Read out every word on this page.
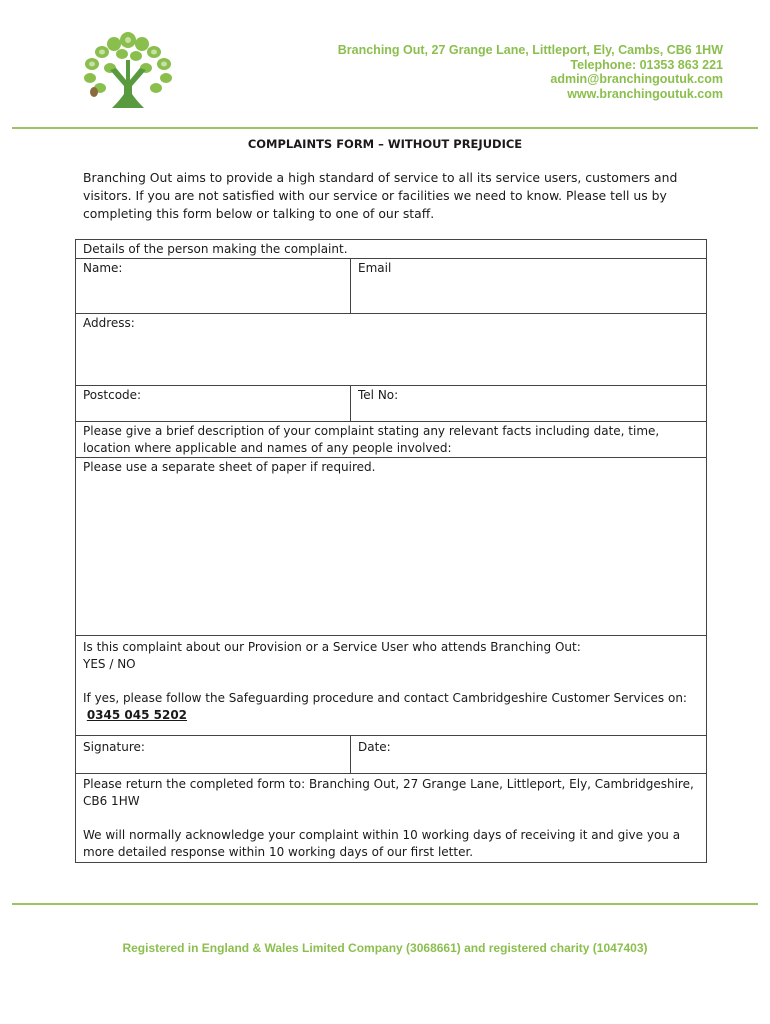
Branching Out, 27 Grange Lane, Littleport, Ely, Cambs, CB6 1HW
Telephone: 01353 863 221
admin@branchingoutuk.com
www.branchingoutuk.com
COMPLAINTS FORM – WITHOUT PREJUDICE
Branching Out aims to provide a high standard of service to all its service users, customers and visitors. If you are not satisfied with our service or facilities we need to know. Please tell us by completing this form below or talking to one of our staff.
Details of the person making the complaint.	
Name:	Email
Address:	
Postcode:	Tel No:
Please give a brief description of your complaint stating any relevant facts including date, time, location where applicable and names of any people involved:	
Please use a separate sheet of paper if required.	

Is this complaint about our Provision or a Service User who attends Branching Out:

YES / NO

If yes, please follow the Safeguarding procedure and contact Cambridgeshire Customer Services on:  0345 045 5202	

Signature:	Date:

Please return the completed form to: Branching Out, 27 Grange Lane, Littleport, Ely, Cambridgeshire, CB6 1HW

We will normally acknowledge your complaint within 10 working days of receiving it and give you a more detailed response within 10 working days of our first letter.	

Registered in England & Wales Limited Company (3068661) and registered charity (1047403)
